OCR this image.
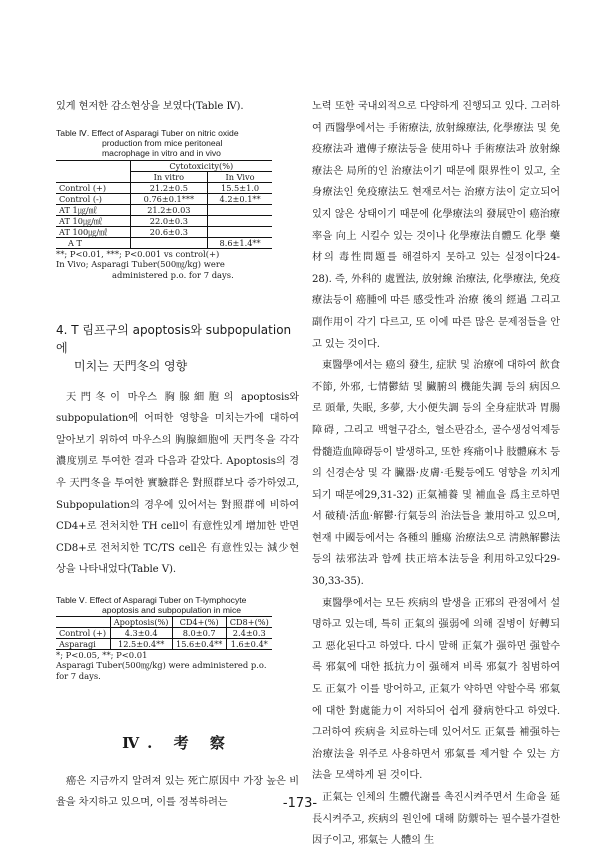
있게 현저한 감소현상을 보였다(Table Ⅳ).

Table Ⅳ. Effect of Asparagi Tuber on nitric oxide
production from mice peritoneal
macrophage in vitro and in vivo

	Cytotoxicity(%)	
	In vitro	In Vivo
Control (+)	21.2±0.5	15.5±1.0
Control (-)	0.76±0.1***	4.2±0.1**
AT 1㎍/㎖	21.2±0.03	
AT 10㎍/㎖	22.0±0.3	
AT 100㎍/㎖	20.6±0.3	
A T		8.6±1.4**

**; P<0.01, ***; P<0.001 vs control(+)
In Vivo; Asparagi Tuber(500㎎/kg) were
administered p.o. for 7 days.

4. T 림프구의 apoptosis와 subpopulation에
미치는 天門冬의 영향

天門冬이 마우스 胸腺細胞의 apoptosis와 subpopulation에 어떠한 영향을 미치는가에 대하여 알아보기 위하여 마우스의 胸腺細胞에 天門冬을 각각 濃度別로 투여한 결과 다음과 같았다. Apoptosis의 경우 天門冬을 투여한 實驗群은 對照群보다 증가하였고, Subpopulation의 경우에 있어서는 對照群에 비하여 CD4+로 전처치한 TH cell이 有意性있게 增加한 반면 CD8+로 전처치한 TC/TS cell은 有意性있는 減少현상을 나타내었다(Table Ⅴ).

Table Ⅴ. Effect of Asparagi Tuber on T-lymphocyte
apoptosis and subpopulation in mice

	Apoptosis(%)	CD4+(%)	CD8+(%)
Control (+)	4.3±0.4	8.0±0.7	2.4±0.3
Asparagi	12.5±0.4**	15.6±0.4**	1.6±0.4*

*; P<0.05, **; P<0.01
Asparagi Tuber(500㎎/kg) were administered p.o.
for 7 days.

Ⅳ. 考 察

癌은 지금까지 알려져 있는 死亡原因中 가장 높은 비율을 차지하고 있으며, 이를 정복하려는

노력 또한 국내외적으로 다양하게 진행되고 있다. 그러하여 西醫學에서는 手術療法, 放射線療法, 化學療法 및 免疫療法과 遺傳子療法등을 使用하나 手術療法과 放射線療法은 局所的인 治療法이기 때문에 限界性이 있고, 全身療法인 免疫療法도 현재로서는 治療方法이 定立되어 있지 않은 상태이기 때문에 化學療法의 發展만이 癌治療率을 向上 시킬수 있는 것이나 化學療法自體도 化學 藥材의 毒性問題를 해결하지 못하고 있는 실정이다24-28). 즉, 外科的 處置法, 放射線 治療法, 化學療法, 免疫療法등이 癌腫에 따른 感受性과 治療 後의 經過 그리고 副作用이 각기 다르고, 또 이에 따른 많은 문제점들을 안고 있는 것이다.

東醫學에서는 癌의 發生, 症狀 및 治療에 대하여 飮食不節, 外邪, 七情鬱結 및 臟腑의 機能失調 등의 病因으로 頭暈, 失眠, 多夢, 大小便失調 등의 全身症狀과 胃腸障碍, 그리고 백혈구감소, 혈소판감소, 골수생성억제등 骨髓造血障碍등이 발생하고, 또한 疼痛이나 肢體麻木 등의 신경손상 및 각 臟器·皮膚·毛髮등에도 영향을 끼치게되기 때문에29,31-32) 正氣補養 및 補血을 爲主로하면서 破積·活血·解鬱·行氣등의 治法들을 兼用하고 있으며, 현재 中國등에서는 各種의 腫瘍 治療法으로 淸熱解鬱法등의 祛邪法과 함께 扶正培本法등을 利用하고있다29-30,33-35).

東醫學에서는 모든 疾病의 발생을 正邪의 관점에서 설명하고 있는데, 특히 正氣의 强弱에 의해 질병이 好轉되고 惡化된다고 하였다. 다시 말해 正氣가 强하면 强할수록 邪氣에 대한 抵抗力이 强해져 비록 邪氣가 침범하여도 正氣가 이를 방어하고, 正氣가 약하면 약할수록 邪氣에 대한 對處能力이 저하되어 쉽게 發病한다고 하였다. 그러하여 疾病을 치료하는데 있어서도 正氣를 補强하는 治療法을 위주로 사용하면서 邪氣를 제거할 수 있는 方法을 모색하게 된 것이다.

正氣는 인체의 生體代謝를 촉진시켜주면서 生命을 延長시켜주고, 疾病의 원인에 대해 防禦하는 필수불가결한 因子이고, 邪氣는 人體의 生

-173-
